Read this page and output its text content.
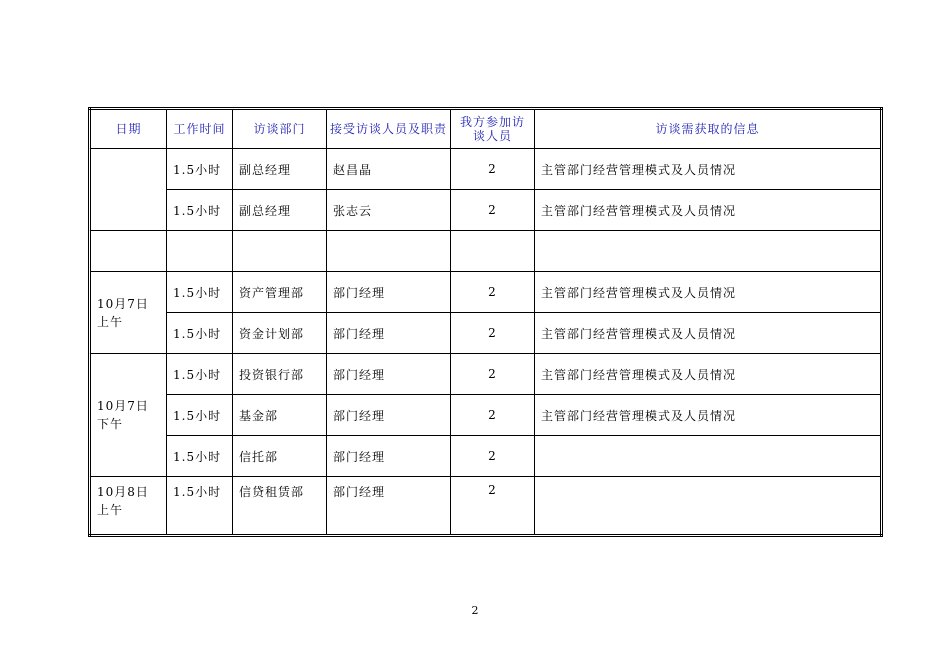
日期	工作时间	访谈部门	接受访谈人员及职责	我方参加访谈人员	访谈需获取的信息
	1.5小时	副总经理	赵昌晶	2	主管部门经营管理模式及人员情况
	1.5小时	副总经理	张志云	2	主管部门经营管理模式及人员情况

10月7日上午	1.5小时	资产管理部	部门经理	2	主管部门经营管理模式及人员情况
	1.5小时	资金计划部	部门经理	2	主管部门经营管理模式及人员情况
10月7日下午	1.5小时	投资银行部	部门经理	2	主管部门经营管理模式及人员情况
	1.5小时	基金部	部门经理	2	主管部门经营管理模式及人员情况
	1.5小时	信托部	部门经理	2	
10月8日上午	1.5小时	信贷租赁部	部门经理	2	
2
